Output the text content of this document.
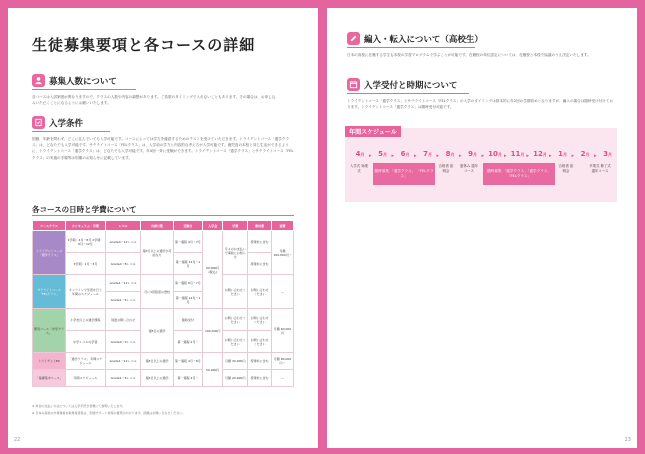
生徒募集要項と各コースの詳細
募集人数について
各コースは入試制度が異なりますので、クラスの人数や内容の調整があります。ご希望のタイミングで入れないこともあります。その場合は、お申し込みいただくことになるようにお願いいたします。
入学条件
国籍、年齢を問わず、どこに住んでいても入学可能です。コースによっては学力を確認するためのテストを受けていただきます。トライデントコース「通学クラス」は、どなたでも入学可能です。サテライトコース「FELクラス」は、入学前の学力と内容的な考え方が入学可能です。鹿児島の本校と同じ生活ができるように、トライデントコース「通学クラス」は、どなたでも入学可能です。年4回一斉に受験ができます。トライデントコース「通学クラス」とサテライトコース「FELクラス」の実施の手順等は別期のお知らせに記載しています。
各コースの日時と学費について
コースクラス	カリキュラム・学期	レベル	出席日数	受験日	入学金	学費	教材費	寮費
トライデントコース「通学クラス」	1学期：4月〜8月 2学期：9月〜12月	Grade4〜12レベル	週3日以上の通学が可能な方	第一週程 4月〜7月	50,000円(税込)	月々のお支払いで事前にお知らせ	授業料に含む	月額 100,000円〜
	3学期：1月〜3月	Grade4〜8レベル		第一週程 12月〜1月			授業料に含む	
サテライトコース「FELクラス」	オンラインで学習を行う 年間のスケジュール	Grade1〜12レベル	月に1回程度の登校	第一週程 6月〜7月		お問い合わせください	お問い合わせください	—
		Grade1〜6レベル		第一週程 12月〜1月				
研究コース「中学クラス」	小学校以上の通学課程	別途お問い合わせ	週5日の通学	随時受付	100,000円	お問い合わせください	お問い合わせください	月額 60,000円
	中学レベルの学習	Grade4〜9レベル		第一週程 4月〜		お問い合わせください	お問い合わせください	
トライデントEC	「通学クラス」 年間スケジュール	Grade1〜12レベル	週5日以上の通学	第一週程 4月〜8月	50,000円	月額 30,000円	授業料に含む	月額 80,000円〜
「基礎集中コース」	年間スケジュール	Grade1〜6レベル	週3日以上の通学	第一週程 4月〜		月額 20,000円	授業料に含む	—
※ 料金の支払い方法については入学手続き書類にて説明いたします。
※ 日本の高校の卒業資格を取得希望者は、別途サポート校等の費用がかかります。詳細はお問い合わせください。
22
編入・転入について（高校生）
日本の高校に在籍する学生も本校の学習プログラムで学ぶことが可能です。在籍校の単位認定については、在籍校と本校で協議のうえ決定いたします。
入学受付と時期について
トライデントコース「通学クラス」とサテライトコース「FELクラス」の入学のタイミングは基本的に年2回の学期初めとなりますが、編入の場合は随時受け付けております。トライデントコース「通学クラス」は随時受付可能です。
年間スケジュール
4月 ▸ 5月 ▸ 6月 ▸ 7月 ▸ 8月 ▸ 9月 ▸ 10月 ▸ 11月 ▸ 12月 ▸ 1月 ▸ 2月 ▸ 3月
入学式 始業式	随時募集 「通学クラス」 「FELクラス」
合格者 説明会
夏休み 通年コース	随時募集 「通学クラス」「通学クラス」 「FELクラス」
合格者 説明会
卒業式 修了式 通年コース
23
